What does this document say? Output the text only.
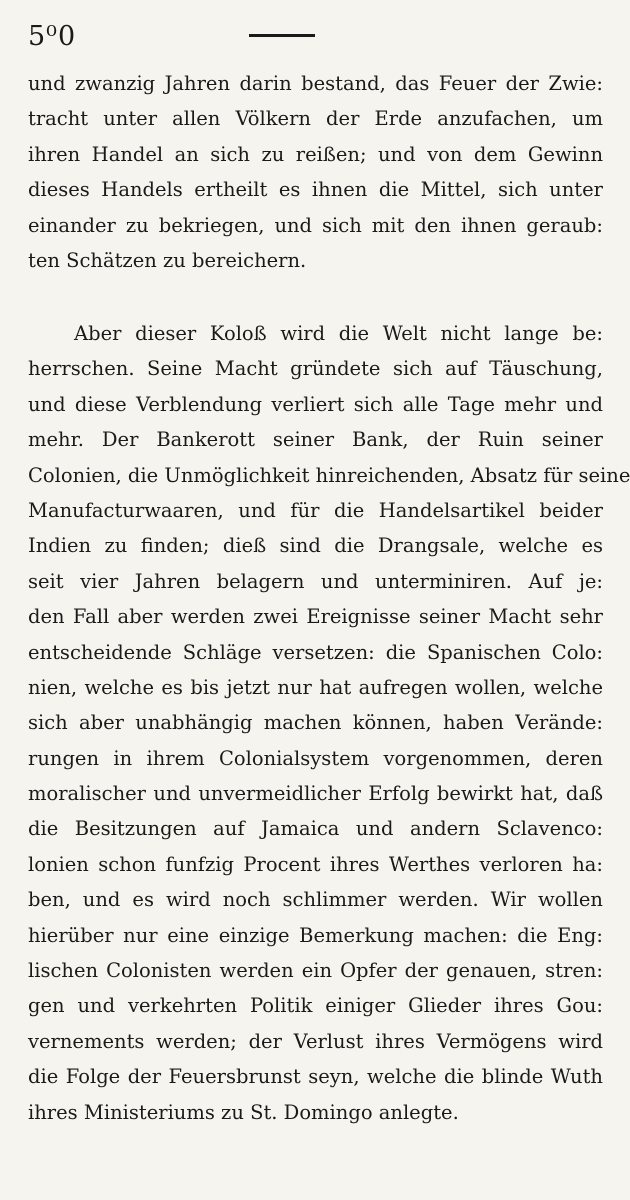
5⁰0
und zwanzig Jahren darin bestand, das Feuer der Zwie:
tracht unter allen Völkern der Erde anzufachen, um
ihren Handel an sich zu reißen; und von dem Gewinn
dieses Handels ertheilt es ihnen die Mittel, sich unter
einander zu bekriegen, und sich mit den ihnen geraub:
ten Schätzen zu bereichern.
Aber dieser Koloß wird die Welt nicht lange be:
herrschen. Seine Macht gründete sich auf Täuschung,
und diese Verblendung verliert sich alle Tage mehr und
mehr. Der Bankerott seiner Bank, der Ruin seiner
Colonien, die Unmöglichkeit hinreichenden, Absatz für seine
Manufacturwaaren, und für die Handelsartikel beider
Indien zu finden; dieß sind die Drangsale, welche es
seit vier Jahren belagern und unterminiren. Auf je:
den Fall aber werden zwei Ereignisse seiner Macht sehr
entscheidende Schläge versetzen: die Spanischen Colo:
nien, welche es bis jetzt nur hat aufregen wollen, welche
sich aber unabhängig machen können, haben Verände:
rungen in ihrem Colonialsystem vorgenommen, deren
moralischer und unvermeidlicher Erfolg bewirkt hat, daß
die Besitzungen auf Jamaica und andern Sclavenco:
lonien schon funfzig Procent ihres Werthes verloren ha:
ben, und es wird noch schlimmer werden. Wir wollen
hierüber nur eine einzige Bemerkung machen: die Eng:
lischen Colonisten werden ein Opfer der genauen, stren:
gen und verkehrten Politik einiger Glieder ihres Gou:
vernements werden; der Verlust ihres Vermögens wird
die Folge der Feuersbrunst seyn, welche die blinde Wuth
ihres Ministeriums zu St. Domingo anlegte.
